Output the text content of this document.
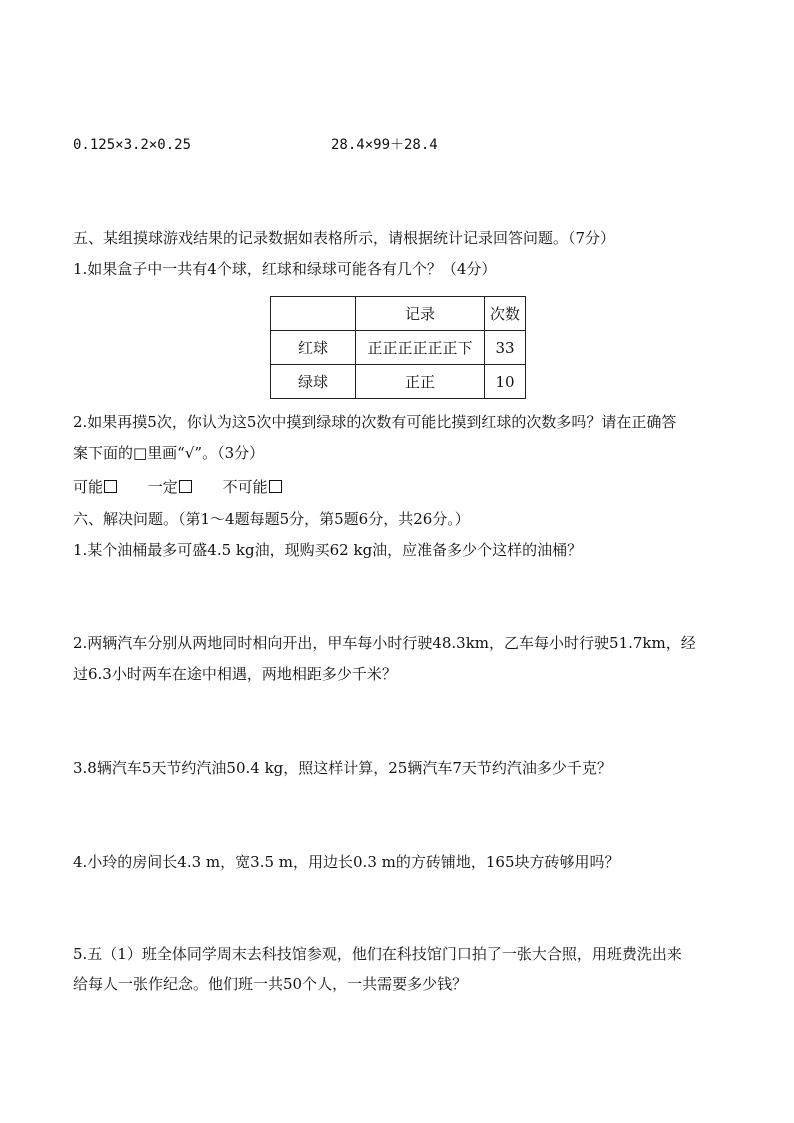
0.125×3.2×0.25	28.4×99＋28.4
五、某组摸球游戏结果的记录数据如表格所示，请根据统计记录回答问题。（7分）
1.如果盒子中一共有4个球，红球和绿球可能各有几个？（4分）
	记录	次数
红球	正正正正正正下	33
绿球	正正	10
2.如果再摸5次，你认为这5次中摸到绿球的次数有可能比摸到红球的次数多吗？请在正确答
案下面的□里画“√”。（3分）
可能	一定	不可能
六、解决问题。（第1～4题每题5分，第5题6分，共26分。）
1.某个油桶最多可盛4.5 kg油，现购买62 kg油，应准备多少个这样的油桶？
2.两辆汽车分别从两地同时相向开出，甲车每小时行驶48.3km，乙车每小时行驶51.7km，经
过6.3小时两车在途中相遇，两地相距多少千米？
3.8辆汽车5天节约汽油50.4 kg，照这样计算，25辆汽车7天节约汽油多少千克？
4.小玲的房间长4.3 m，宽3.5 m，用边长0.3 m的方砖铺地，165块方砖够用吗？
5.五（1）班全体同学周末去科技馆参观，他们在科技馆门口拍了一张大合照，用班费洗出来
给每人一张作纪念。他们班一共50个人，一共需要多少钱？
